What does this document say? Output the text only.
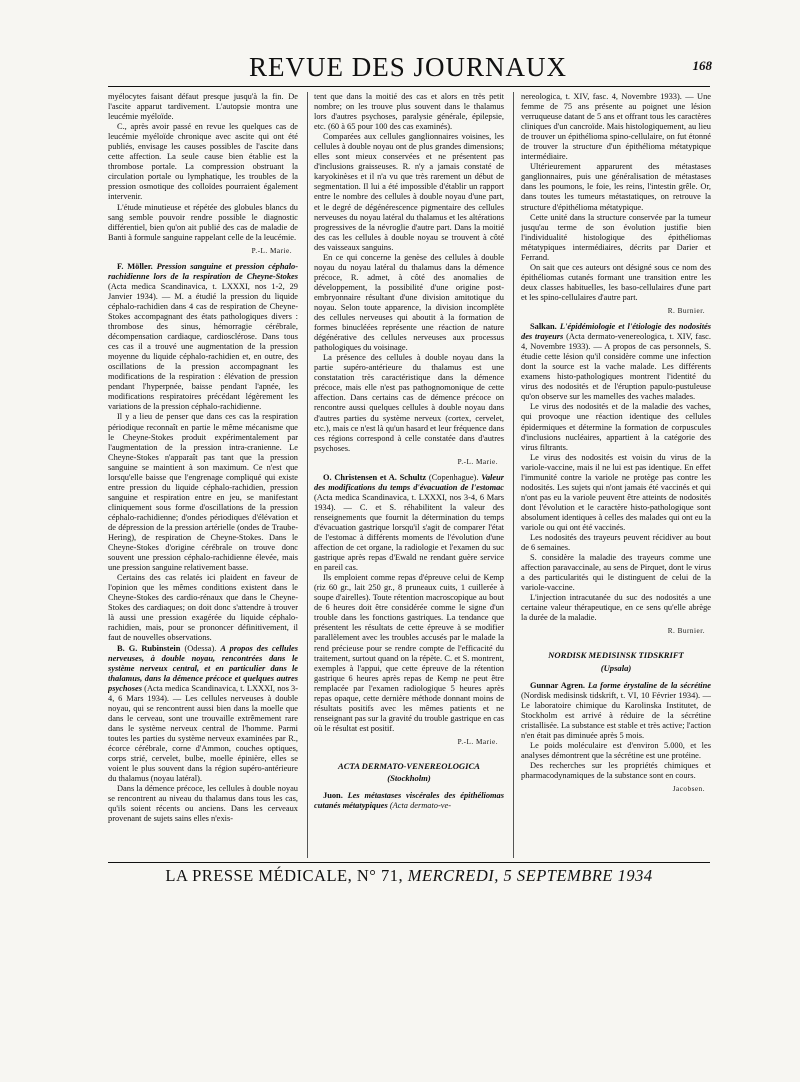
REVUE DES JOURNAUX	168

myélocytes faisant défaut presque jusqu'à la fin. De l'ascite apparut tardivement. L'autopsie montra une leucémie myéloïde.

C., après avoir passé en revue les quelques cas de leucémie myéloïde chronique avec ascite qui ont été publiés, envisage les causes possibles de l'ascite dans cette affection. La seule cause bien établie est la thrombose portale. La compression obstruant la circulation portale ou lymphatique, les troubles de la pression osmotique des colloïdes pourraient également intervenir.

L'étude minutieuse et répétée des globules blancs du sang semble pouvoir rendre possible le diagnostic différentiel, bien qu'on ait publié des cas de maladie de Banti à formule sanguine rappelant celle de la leucémie.

P.-L. Marie.

F. Möller. Pression sanguine et pression céphalo-rachidienne lors de la respiration de Cheyne-Stokes (Acta medica Scandinavica, t. LXXXI, nos 1-2, 29 Janvier 1934). — M. a étudié la pression du liquide céphalo-rachidien dans 4 cas de respiration de Cheyne-Stokes accompagnant des états pathologiques divers : thrombose des sinus, hémorragie cérébrale, décompensation cardiaque, cardiosclérose. Dans tous ces cas il a trouvé une augmentation de la pression moyenne du liquide céphalo-rachidien et, en outre, des oscillations de la pression accompagnant les modifications de la respiration : élévation de pression pendant l'hyperpnée, baisse pendant l'apnée, les modifications respiratoires précédant légèrement les variations de la pression céphalo-rachidienne.

Il y a lieu de penser que dans ces cas la respiration périodique reconnaît en partie le même mécanisme que le Cheyne-Stokes produit expérimentalement par l'augmentation de la pression intra-cranienne. Le Cheyne-Stokes n'apparaît pas tant que la pression sanguine se maintient à son maximum. Ce n'est que lorsqu'elle baisse que l'engrenage compliqué qui existe entre pression du liquide céphalo-rachidien, pression sanguine et respiration entre en jeu, se manifestant cliniquement sous forme d'oscillations de la pression céphalo-rachidienne; d'ondes périodiques d'élévation et de dépression de la pression artérielle (ondes de Traube-Hering), de respiration de Cheyne-Stokes. Dans le Cheyne-Stokes d'origine cérébrale on trouve donc souvent une pression céphalo-rachidienne élevée, mais une pression sanguine relativement basse.

Certains des cas relatés ici plaident en faveur de l'opinion que les mêmes conditions existent dans le Cheyne-Stokes des cardio-rénaux que dans le Cheyne-Stokes des cardiaques; on doit donc s'attendre à trouver là aussi une pression exagérée du liquide céphalo-rachidien, mais, pour se prononcer définitivement, il faut de nouvelles observations.

B. G. Rubinstein (Odessa). A propos des cellules nerveuses, à double noyau, rencontrées dans le système nerveux central, et en particulier dans le thalamus, dans la démence précoce et quelques autres psychoses (Acta medica Scandinavica, t. LXXXI, nos 3-4, 6 Mars 1934). — Les cellules nerveuses à double noyau, qui se rencontrent aussi bien dans la moelle que dans le cerveau, sont une trouvaille extrêmement rare dans le système nerveux central de l'homme. Parmi toutes les parties du système nerveux examinées par R., écorce cérébrale, corne d'Ammon, couches optiques, corps strié, cervelet, bulbe, moelle épinière, elles se voient le plus souvent dans la région supéro-antérieure du thalamus (noyau latéral).

Dans la démence précoce, les cellules à double noyau se rencontrent au niveau du thalamus dans tous les cas, qu'ils soient récents ou anciens. Dans les cerveaux provenant de sujets sains elles n'exis-

tent que dans la moitié des cas et alors en très petit nombre; on les trouve plus souvent dans le thalamus lors d'autres psychoses, paralysie générale, épilepsie, etc. (60 à 65 pour 100 des cas examinés).

Comparées aux cellules ganglionnaires voisines, les cellules à double noyau ont de plus grandes dimensions; elles sont mieux conservées et ne présentent pas d'inclusions graisseuses. R. n'y a jamais constaté de karyokinèses et il n'a vu que très rarement un début de segmentation. Il lui a été impossible d'établir un rapport entre le nombre des cellules à double noyau d'une part, et le degré de dégénérescence pigmentaire des cellules nerveuses du noyau latéral du thalamus et les altérations progressives de la névroglie d'autre part. Dans la moitié des cas les cellules à double noyau se trouvent à côté des vaisseaux sanguins.

En ce qui concerne la genèse des cellules à double noyau du noyau latéral du thalamus dans la démence précoce, R. admet, à côté des anomalies de développement, la possibilité d'une origine post-embryonnaire résultant d'une division amitotique du noyau. Selon toute apparence, la division incomplète des cellules nerveuses qui aboutit à la formation de formes binucléées représente une réaction de nature dégénérative des cellules nerveuses aux processus pathologiques du voisinage.

La présence des cellules à double noyau dans la partie supéro-antérieure du thalamus est une constatation très caractéristique dans la démence précoce, mais elle n'est pas pathognomonique de cette affection. Dans certains cas de démence précoce on rencontre aussi quelques cellules à double noyau dans d'autres parties du système nerveux (cortex, cervelet, etc.), mais ce n'est là qu'un hasard et leur fréquence dans ces régions correspond à celle constatée dans d'autres psychoses.

P.-L. Marie.

O. Christensen et A. Schultz (Copenhague). Valeur des modifications du temps d'évacuation de l'estomac (Acta medica Scandinavica, t. LXXXI, nos 3-4, 6 Mars 1934). — C. et S. réhabilitent la valeur des renseignements que fournit la détermination du temps d'évacuation gastrique lorsqu'il s'agit de comparer l'état de l'estomac à différents moments de l'évolution d'une affection de cet organe, la radiologie et l'examen du suc gastrique après repas d'Ewald ne rendant guère service en pareil cas.

Ils emploient comme repas d'épreuve celui de Kemp (riz 60 gr., lait 250 gr., 8 pruneaux cuits, 1 cuillerée à soupe d'airelles). Toute rétention macroscopique au bout de 6 heures doit être considérée comme le signe d'un trouble dans les fonctions gastriques. La tendance que présentent les résultats de cette épreuve à se modifier parallèlement avec les troubles accusés par le malade la rend précieuse pour se rendre compte de l'efficacité du traitement, surtout quand on la répète. C. et S. montrent, exemples à l'appui, que cette épreuve de la rétention gastrique 6 heures après repas de Kemp ne peut être remplacée par l'examen radiologique 5 heures après repas opaque, cette dernière méthode donnant moins de résultats positifs avec les mêmes patients et ne renseignant pas sur la gravité du trouble gastrique en cas où le résultat est positif.

P.-L. Marie.
ACTA DERMATO-VENEREOLOGICA
(Stockholm)

Juon. Les métastases viscérales des épithéliomas cutanés métatypiques (Acta dermato-ve-

nereologica, t. XIV, fasc. 4, Novembre 1933). — Une femme de 75 ans présente au poignet une lésion verruqueuse datant de 5 ans et offrant tous les caractères cliniques d'un cancroïde. Mais histologiquement, au lieu de trouver un épithélioma spino-cellulaire, on fut étonné de trouver la structure d'un épithélioma métatypique intermédiaire.

Ultérieurement apparurent des métastases ganglionnaires, puis une généralisation de métastases dans les poumons, le foie, les reins, l'intestin grêle. Or, dans toutes les tumeurs métastatiques, on retrouve la structure d'épithélioma métatypique.

Cette unité dans la structure conservée par la tumeur jusqu'au terme de son évolution justifie bien l'individualité histologique des épithéliomas métatypiques intermédiaires, décrits par Darier et Ferrand.

On sait que ces auteurs ont désigné sous ce nom des épithéliomas cutanés formant une transition entre les deux classes habituelles, les baso-cellulaires d'une part et les spino-cellulaires d'autre part.

R. Burnier.

Salkan. L'épidémiologie et l'étiologie des nodosités des trayeurs (Acta dermato-venereologica, t. XIV, fasc. 4, Novembre 1933). — A propos de cas personnels, S. étudie cette lésion qu'il considère comme une infection dont la source est la vache malade. Les différents examens histo-pathologiques montrent l'identité du virus des nodosités et de l'éruption papulo-pustuleuse qu'on observe sur les mamelles des vaches malades.

Le virus des nodosités et de la maladie des vaches, qui provoque une réaction identique des cellules épidermiques et détermine la formation de corpuscules d'inclusions nucléaires, appartient à la catégorie des virus filtrants.

Le virus des nodosités est voisin du virus de la variole-vaccine, mais il ne lui est pas identique. En effet l'immunité contre la variole ne protège pas contre les nodosités. Les sujets qui n'ont jamais été vaccinés et qui n'ont pas eu la variole peuvent être atteints de nodosités dont l'évolution et le caractère histo-pathologique sont absolument identiques à celles des malades qui ont eu la variole ou qui ont été vaccinés.

Les nodosités des trayeurs peuvent récidiver au bout de 6 semaines.

S. considère la maladie des trayeurs comme une affection paravaccinale, au sens de Pirquet, dont le virus a des particularités qui le distinguent de celui de la variole-vaccine.

L'injection intracutanée du suc des nodosités a une certaine valeur thérapeutique, en ce sens qu'elle abrège la durée de la maladie.

R. Burnier.
NORDISK MEDISINSK TIDSKRIFT
(Upsala)

Gunnar Agren. La forme érystaline de la sécrétine (Nordisk medisinsk tidskrift, t. VI, 10 Février 1934). — Le laboratoire chimique du Karolinska Institutet, de Stockholm est arrivé à réduire de la sécrétine cristallisée. La substance est stable et très active; l'action n'en était pas diminuée après 5 mois.

Le poids moléculaire est d'environ 5.000, et les analyses démontrent que la sécrétine est une protéine.

Des recherches sur les propriétés chimiques et pharmacodynamiques de la substance sont en cours.

Jacobsen.
LA PRESSE MÉDICALE, N° 71, MERCREDI, 5 SEPTEMBRE 1934
